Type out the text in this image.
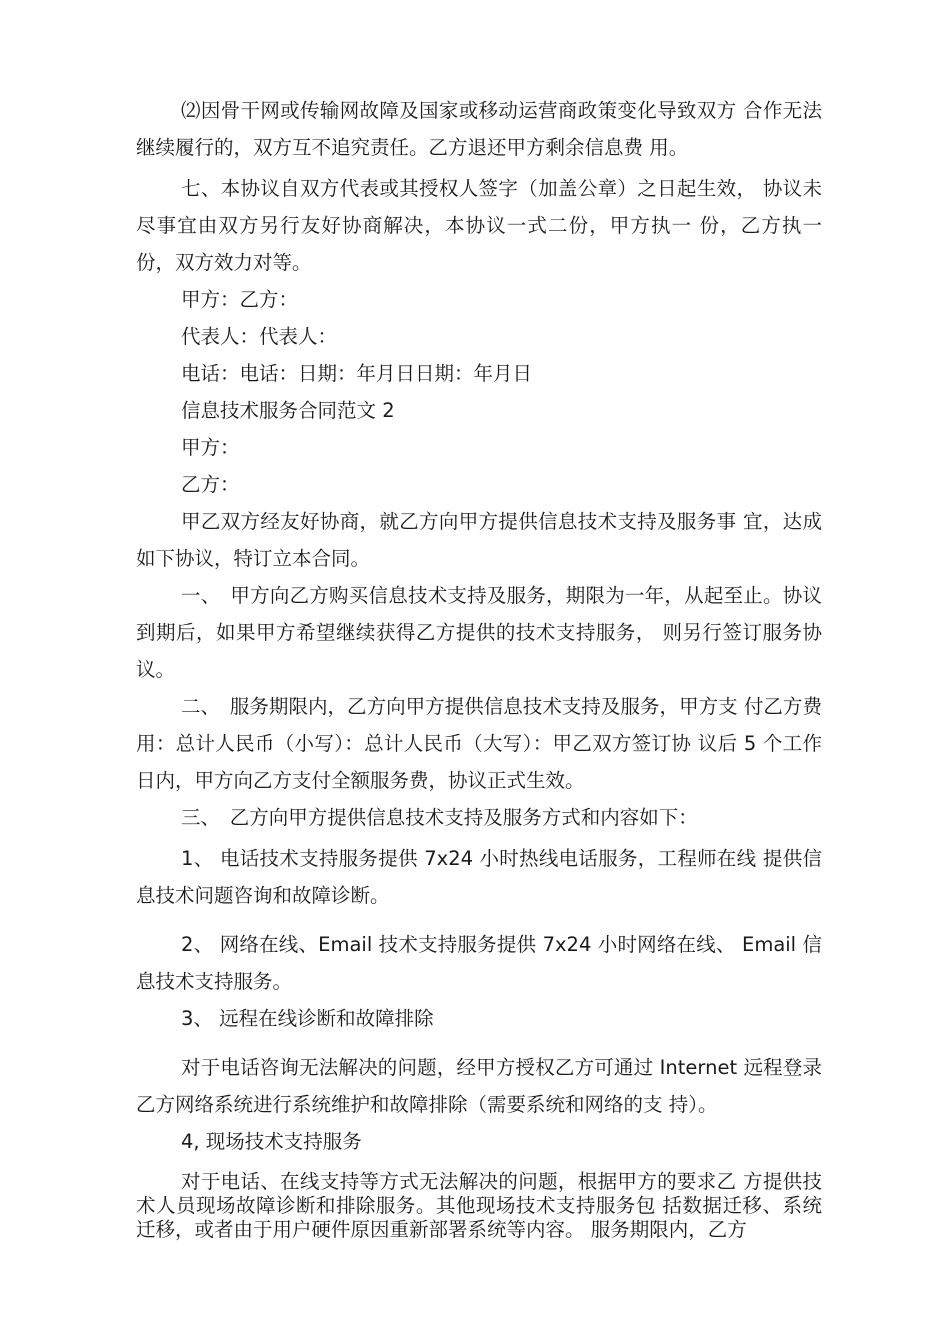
⑵因骨干网或传输网故障及国家或移动运营商政策变化导致双方 合作无法继续履行的，双方互不追究责任。乙方退还甲方剩余信息费 用。

七、本协议自双方代表或其授权人签字（加盖公章）之日起生效， 协议未尽事宜由双方另行友好协商解决，本协议一式二份，甲方执一 份，乙方执一份，双方效力对等。

甲方：乙方：

代表人：代表人：

电话：电话：日期：年月日日期：年月日

信息技术服务合同范文 2

甲方：

乙方：

甲乙双方经友好协商，就乙方向甲方提供信息技术支持及服务事 宜，达成如下协议，特订立本合同。

一、　甲方向乙方购买信息技术支持及服务，期限为一年，从起至止。协议到期后，如果甲方希望继续获得乙方提供的技术支持服务， 则另行签订服务协议。

二、　服务期限内，乙方向甲方提供信息技术支持及服务，甲方支 付乙方费用：总计人民币（小写）：总计人民币（大写）：甲乙双方签订协 议后 5 个工作日内，甲方向乙方支付全额服务费，协议正式生效。

三、　乙方向甲方提供信息技术支持及服务方式和内容如下：

1、 电话技术支持服务提供 7x24 小时热线电话服务，工程师在线 提供信息技术问题咨询和故障诊断。

2、 网络在线、Email 技术支持服务提供 7x24 小时网络在线、 Email 信息技术支持服务。

3、 远程在线诊断和故障排除

对于电话咨询无法解决的问题，经甲方授权乙方可通过 Internet 远程登录乙方网络系统进行系统维护和故障排除（需要系统和网络的支 持）。

4, 现场技术支持服务

对于电话、在线支持等方式无法解决的问题，根据甲方的要求乙 方提供技术人员现场故障诊断和排除服务。其他现场技术支持服务包 括数据迁移、系统迁移，或者由于用户硬件原因重新部署系统等内容。 服务期限内，乙方
